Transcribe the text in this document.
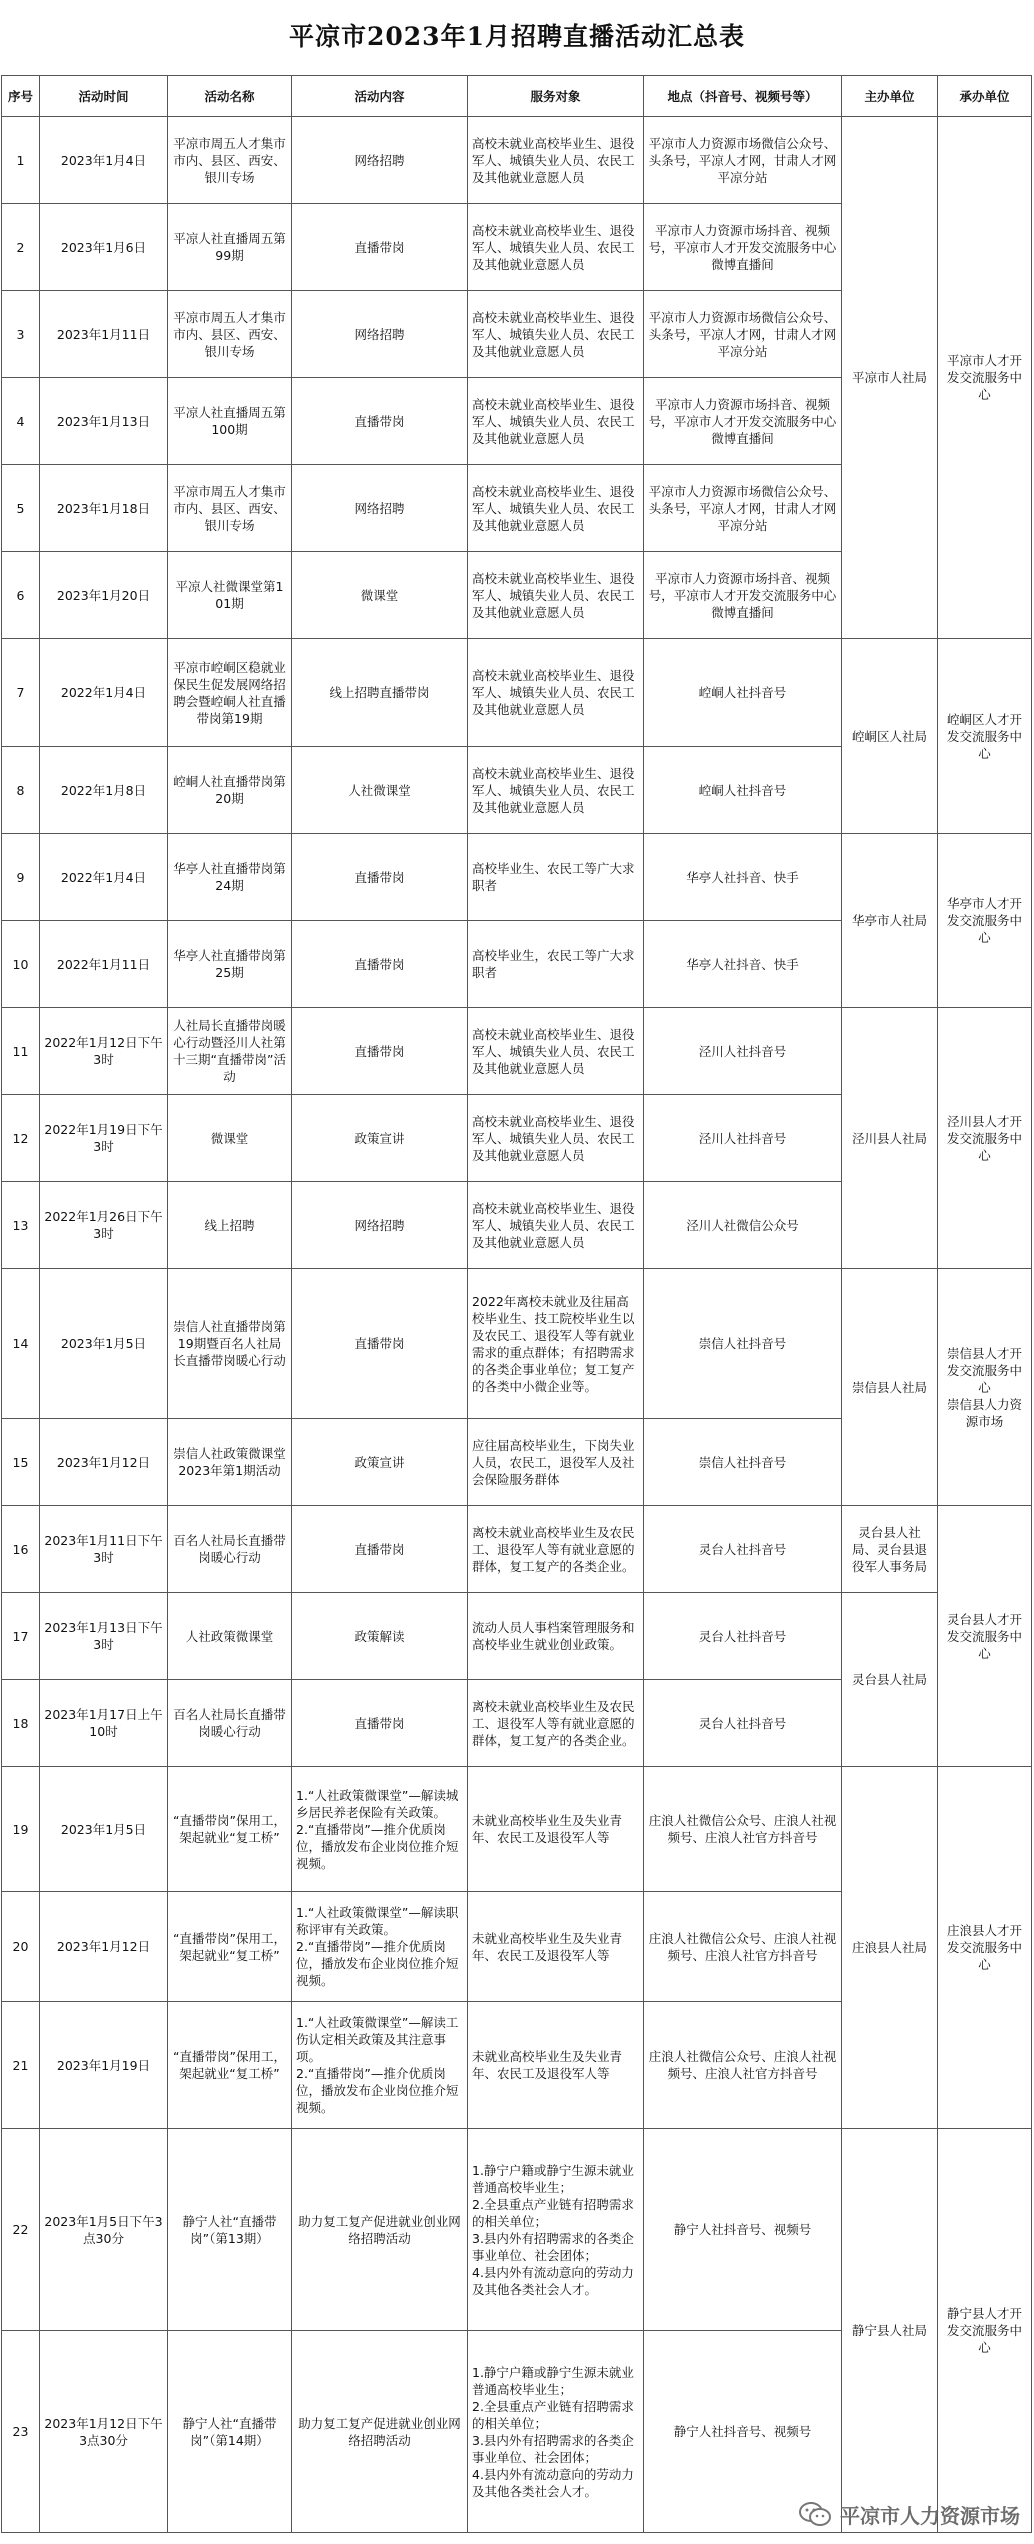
平凉市2023年1月招聘直播活动汇总表
序号	活动时间	活动名称	活动内容	服务对象	地点（抖音号、视频号等）	主办单位	承办单位
1	2023年1月4日	平凉市周五人才集市市内、县区、西安、银川专场	网络招聘	高校未就业高校毕业生、退役军人、城镇失业人员、农民工及其他就业意愿人员	平凉市人力资源市场微信公众号、头条号，平凉人才网，甘肃人才网平凉分站	平凉市人社局	平凉市人才开发交流服务中心
2	2023年1月6日	平凉人社直播周五第99期	直播带岗	高校未就业高校毕业生、退役军人、城镇失业人员、农民工及其他就业意愿人员	平凉市人力资源市场抖音、视频号，平凉市人才开发交流服务中心微博直播间		
3	2023年1月11日	平凉市周五人才集市市内、县区、西安、银川专场	网络招聘	高校未就业高校毕业生、退役军人、城镇失业人员、农民工及其他就业意愿人员	平凉市人力资源市场微信公众号、头条号，平凉人才网，甘肃人才网平凉分站		
4	2023年1月13日	平凉人社直播周五第100期	直播带岗	高校未就业高校毕业生、退役军人、城镇失业人员、农民工及其他就业意愿人员	平凉市人力资源市场抖音、视频号，平凉市人才开发交流服务中心微博直播间		
5	2023年1月18日	平凉市周五人才集市市内、县区、西安、银川专场	网络招聘	高校未就业高校毕业生、退役军人、城镇失业人员、农民工及其他就业意愿人员	平凉市人力资源市场微信公众号、头条号，平凉人才网，甘肃人才网平凉分站		
6	2023年1月20日	平凉人社微课堂第101期	微课堂	高校未就业高校毕业生、退役军人、城镇失业人员、农民工及其他就业意愿人员	平凉市人力资源市场抖音、视频号，平凉市人才开发交流服务中心微博直播间		
7	2022年1月4日	平凉市崆峒区稳就业保民生促发展网络招聘会暨崆峒人社直播带岗第19期	线上招聘直播带岗	高校未就业高校毕业生、退役军人、城镇失业人员、农民工及其他就业意愿人员	崆峒人社抖音号	崆峒区人社局	崆峒区人才开发交流服务中心
8	2022年1月8日	崆峒人社直播带岗第20期	人社微课堂	高校未就业高校毕业生、退役军人、城镇失业人员、农民工及其他就业意愿人员	崆峒人社抖音号		
9	2022年1月4日	华亭人社直播带岗第24期	直播带岗	高校毕业生、农民工等广大求职者	华亭人社抖音、快手	华亭市人社局	华亭市人才开发交流服务中心
10	2022年1月11日	华亭人社直播带岗第25期	直播带岗	高校毕业生，农民工等广大求职者	华亭人社抖音、快手		
11	2022年1月12日下午3时	人社局长直播带岗暖心行动暨泾川人社第十三期“直播带岗”活动	直播带岗	高校未就业高校毕业生、退役军人、城镇失业人员、农民工及其他就业意愿人员	泾川人社抖音号	泾川县人社局	泾川县人才开发交流服务中心
12	2022年1月19日下午3时	微课堂	政策宣讲	高校未就业高校毕业生、退役军人、城镇失业人员、农民工及其他就业意愿人员	泾川人社抖音号		
13	2022年1月26日下午3时	线上招聘	网络招聘	高校未就业高校毕业生、退役军人、城镇失业人员、农民工及其他就业意愿人员	泾川人社微信公众号		
14	2023年1月5日	崇信人社直播带岗第19期暨百名人社局长直播带岗暖心行动	直播带岗	2022年离校未就业及往届高校毕业生、技工院校毕业生以及农民工、退役军人等有就业需求的重点群体；有招聘需求的各类企事业单位；复工复产的各类中小微企业等。	崇信人社抖音号	崇信县人社局	崇信县人才开发交流服务中心
崇信县人力资源市场
15	2023年1月12日	崇信人社政策微课堂2023年第1期活动	政策宣讲	应往届高校毕业生，下岗失业人员，农民工，退役军人及社会保险服务群体	崇信人社抖音号		
16	2023年1月11日下午3时	百名人社局长直播带岗暖心行动	直播带岗	离校未就业高校毕业生及农民工、退役军人等有就业意愿的群体，复工复产的各类企业。	灵台人社抖音号	灵台县人社局、灵台县退役军人事务局	灵台县人才开发交流服务中心
17	2023年1月13日下午3时	人社政策微课堂	政策解读	流动人员人事档案管理服务和高校毕业生就业创业政策。	灵台人社抖音号	灵台县人社局	
18	2023年1月17日上午10时	百名人社局长直播带岗暖心行动	直播带岗	离校未就业高校毕业生及农民工、退役军人等有就业意愿的群体，复工复产的各类企业。	灵台人社抖音号		
19	2023年1月5日	“直播带岗”保用工，架起就业“复工桥”	1.“人社政策微课堂”—解读城乡居民养老保险有关政策。
2.“直播带岗”—推介优质岗位，播放发布企业岗位推介短视频。	未就业高校毕业生及失业青年、农民工及退役军人等	庄浪人社微信公众号、庄浪人社视频号、庄浪人社官方抖音号	庄浪县人社局	庄浪县人才开发交流服务中心
20	2023年1月12日	“直播带岗”保用工，架起就业“复工桥”	1.“人社政策微课堂”—解读职称评审有关政策。
2.“直播带岗”—推介优质岗位，播放发布企业岗位推介短视频。	未就业高校毕业生及失业青年、农民工及退役军人等	庄浪人社微信公众号、庄浪人社视频号、庄浪人社官方抖音号		
21	2023年1月19日	“直播带岗”保用工，架起就业“复工桥”	1.“人社政策微课堂”—解读工伤认定相关政策及其注意事项。
2.“直播带岗”—推介优质岗位，播放发布企业岗位推介短视频。	未就业高校毕业生及失业青年、农民工及退役军人等	庄浪人社微信公众号、庄浪人社视频号、庄浪人社官方抖音号		
22	2023年1月5日下午3点30分	静宁人社“直播带岗”（第13期）	助力复工复产促进就业创业网络招聘活动	1.静宁户籍或静宁生源未就业普通高校毕业生；
2.全县重点产业链有招聘需求的相关单位；
3.县内外有招聘需求的各类企事业单位、社会团体；
4.县内外有流动意向的劳动力及其他各类社会人才。	静宁人社抖音号、视频号	静宁县人社局	静宁县人才开发交流服务中心
23	2023年1月12日下午3点30分	静宁人社“直播带岗”（第14期）	助力复工复产促进就业创业网络招聘活动	1.静宁户籍或静宁生源未就业普通高校毕业生；
2.全县重点产业链有招聘需求的相关单位；
3.县内外有招聘需求的各类企事业单位、社会团体；
4.县内外有流动意向的劳动力及其他各类社会人才。	静宁人社抖音号、视频号		
平凉市人力资源市场
